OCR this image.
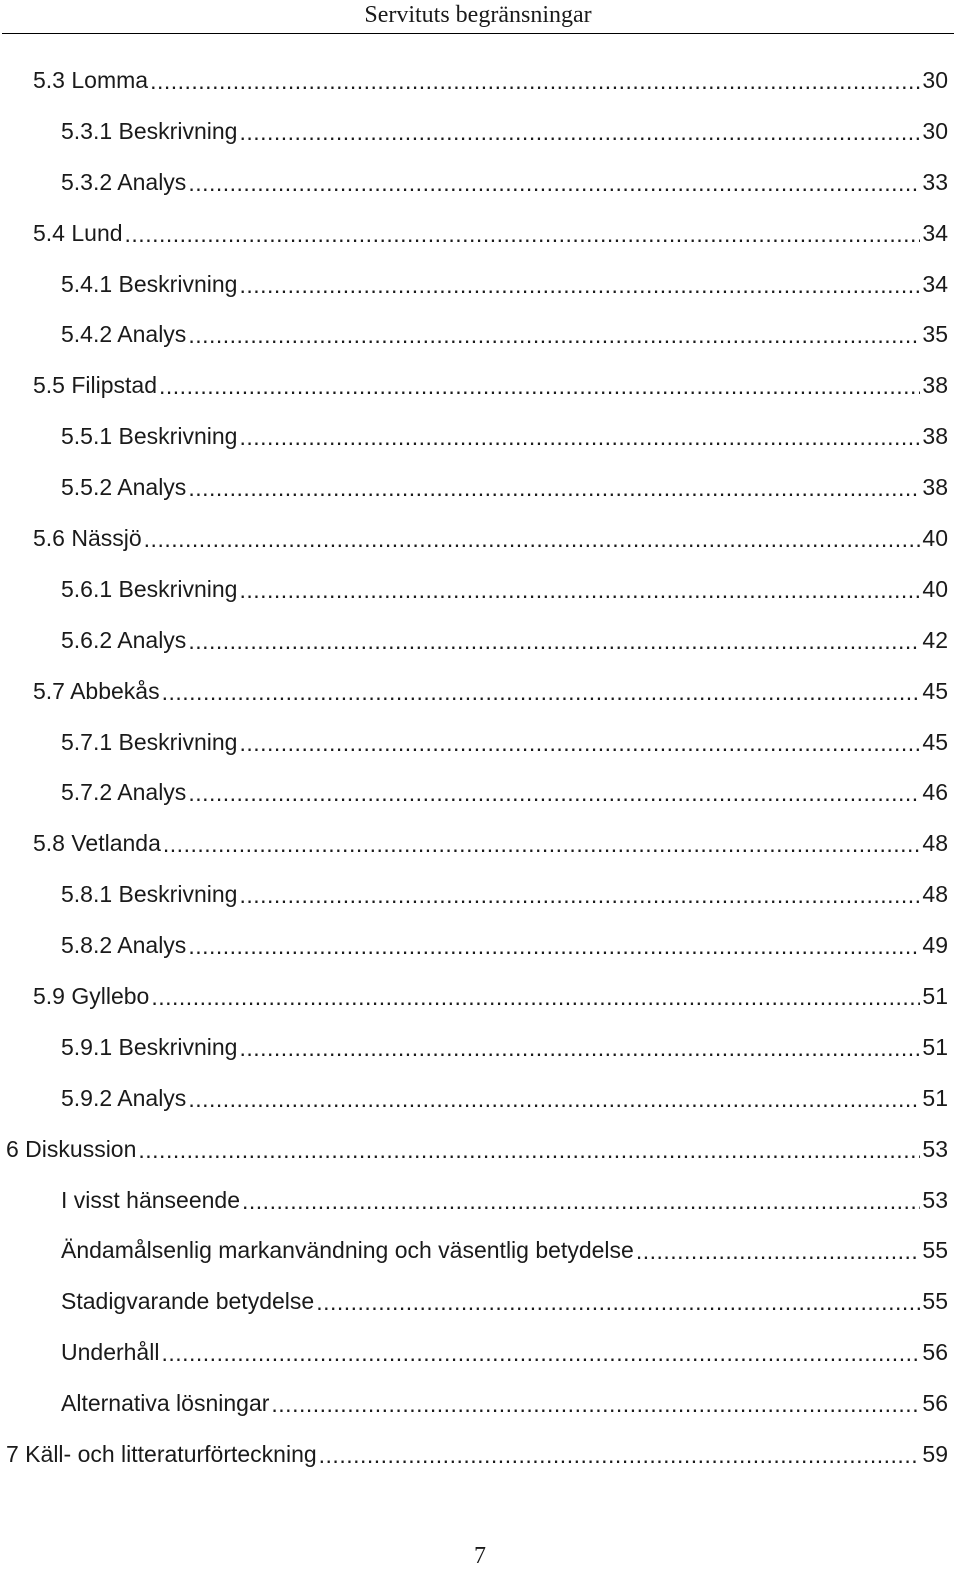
Servituts begränsningar
5.3 Lomma .....	30
5.3.1 Beskrivning .....	30
5.3.2 Analys .....	33
5.4 Lund .....	34
5.4.1 Beskrivning .....	34
5.4.2 Analys .....	35
5.5 Filipstad .....	38
5.5.1 Beskrivning .....	38
5.5.2 Analys .....	38
5.6 Nässjö .....	40
5.6.1 Beskrivning .....	40
5.6.2 Analys .....	42
5.7 Abbekås .....	45
5.7.1 Beskrivning .....	45
5.7.2 Analys .....	46
5.8 Vetlanda .....	48
5.8.1 Beskrivning .....	48
5.8.2 Analys .....	49
5.9 Gyllebo .....	51
5.9.1 Beskrivning .....	51
5.9.2 Analys .....	51
6 Diskussion .....	53
I visst hänseende .....	53
Ändamålsenlig markanvändning och väsentlig betydelse .....	55
Stadigvarande betydelse .....	55
Underhåll .....	56
Alternativa lösningar .....	56
7 Käll- och litteraturförteckning .....	59
7
